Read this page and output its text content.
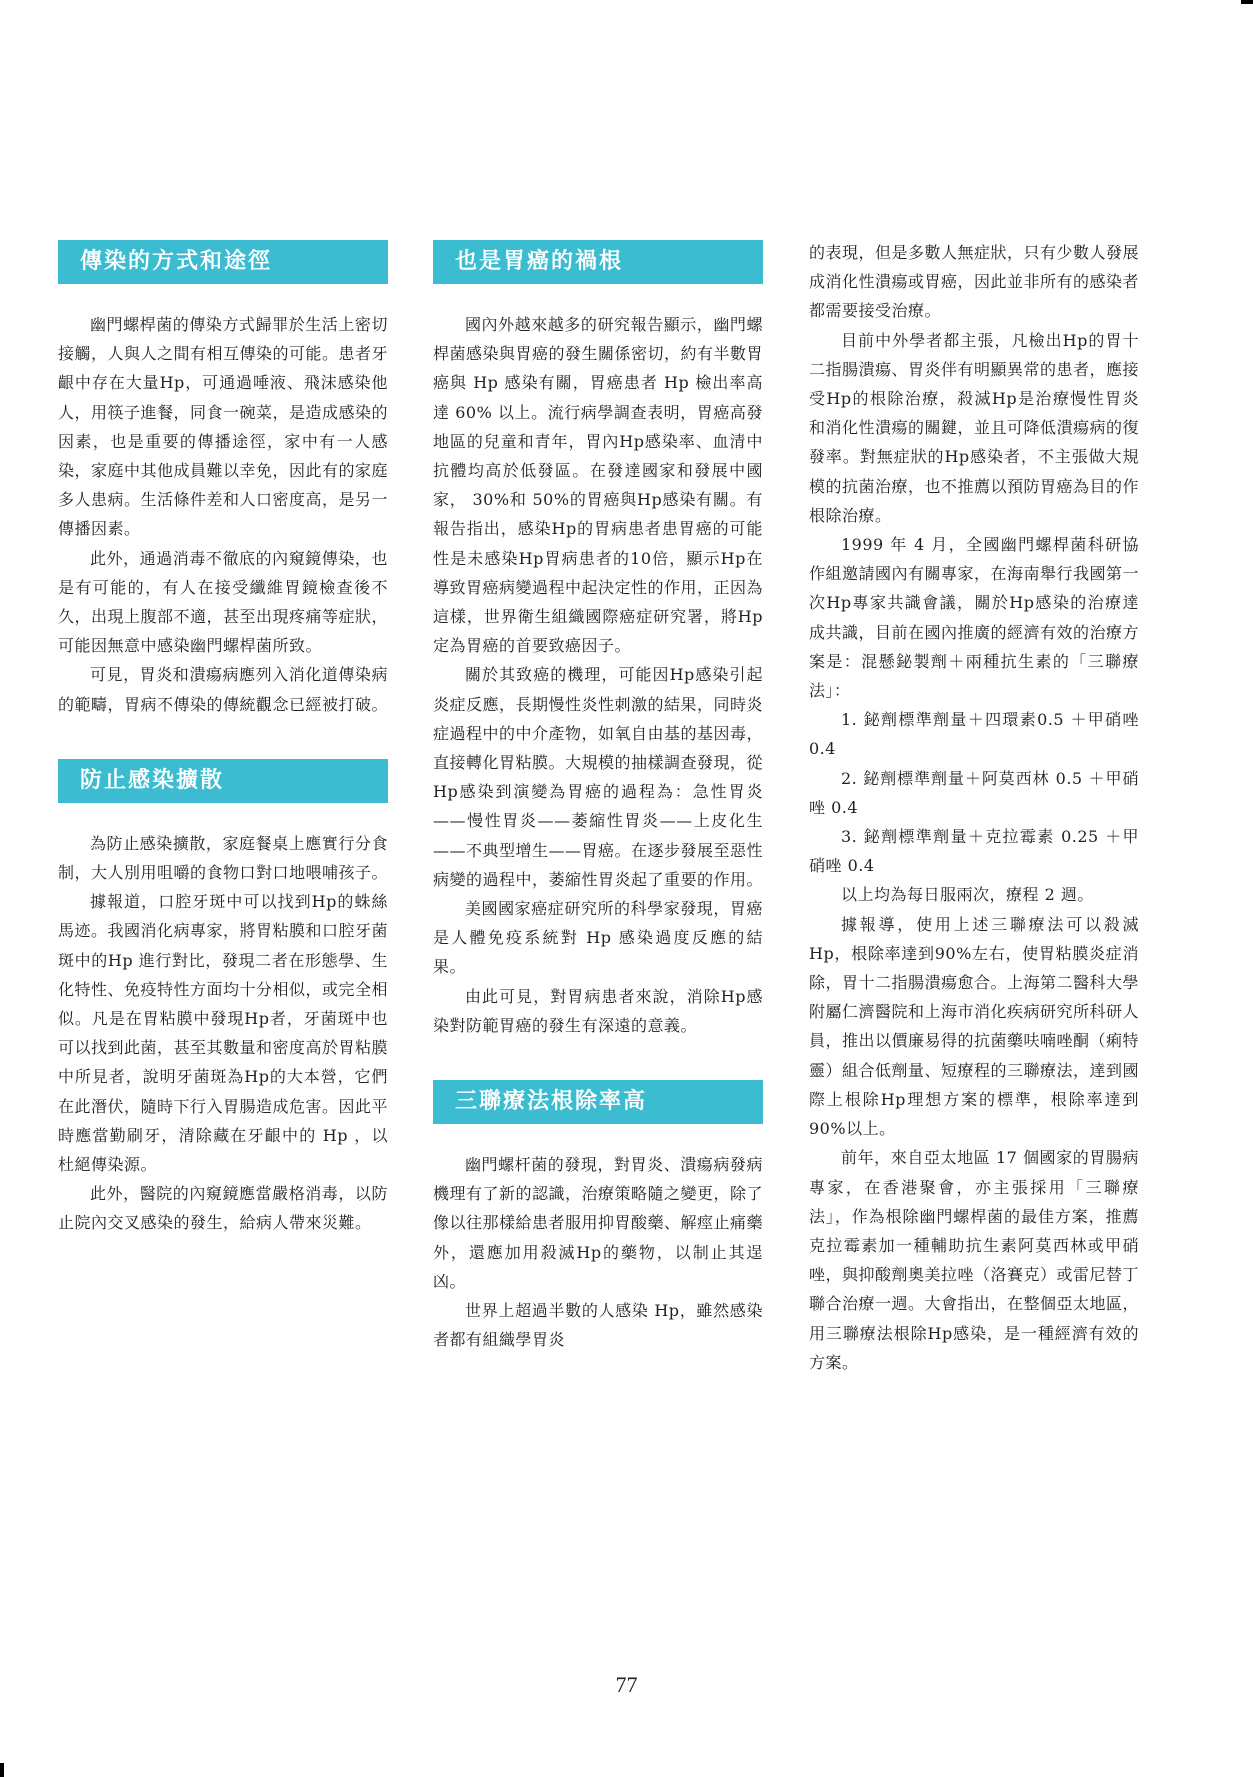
傳染的方式和途徑

幽門螺桿菌的傳染方式歸罪於生活上密切接觸，人與人之間有相互傳染的可能。患者牙齦中存在大量Hp，可通過唾液、飛沫感染他人，用筷子進餐，同食一碗菜，是造成感染的因素，也是重要的傳播途徑，家中有一人感染，家庭中其他成員難以幸免，因此有的家庭多人患病。生活條件差和人口密度高，是另一傳播因素。

此外，通過消毒不徹底的內窺鏡傳染，也是有可能的，有人在接受纖維胃鏡檢查後不久，出現上腹部不適，甚至出現疼痛等症狀，可能因無意中感染幽門螺桿菌所致。

可見，胃炎和潰瘍病應列入消化道傳染病的範疇，胃病不傳染的傳統觀念已經被打破。

防止感染擴散

為防止感染擴散，家庭餐桌上應實行分食制，大人別用咀嚼的食物口對口地喂哺孩子。

據報道，口腔牙斑中可以找到Hp的蛛絲馬迹。我國消化病專家，將胃粘膜和口腔牙菌斑中的Hp 進行對比，發現二者在形態學、生化特性、免疫特性方面均十分相似，或完全相似。凡是在胃粘膜中發現Hp者，牙菌斑中也可以找到此菌，甚至其數量和密度高於胃粘膜中所見者，說明牙菌斑為Hp的大本營，它們在此潛伏，隨時下行入胃腸造成危害。因此平時應當勤刷牙，清除藏在牙齦中的 Hp ，以杜絕傳染源。

此外，醫院的內窺鏡應當嚴格消毒，以防止院內交叉感染的發生，給病人帶來災難。

也是胃癌的禍根

國內外越來越多的研究報告顯示，幽門螺桿菌感染與胃癌的發生關係密切，約有半數胃癌與 Hp 感染有關，胃癌患者 Hp 檢出率高達 60% 以上。流行病學調查表明，胃癌高發地區的兒童和青年，胃內Hp感染率、血清中抗體均高於低發區。在發達國家和發展中國家， 30%和 50%的胃癌與Hp感染有關。有報告指出，感染Hp的胃病患者患胃癌的可能性是未感染Hp胃病患者的10倍，顯示Hp在導致胃癌病變過程中起決定性的作用，正因為這樣，世界衛生組織國際癌症研究署，將Hp定為胃癌的首要致癌因子。

關於其致癌的機理，可能因Hp感染引起炎症反應，長期慢性炎性刺激的結果，同時炎症過程中的中介產物，如氧自由基的基因毒，直接轉化胃粘膜。大規模的抽樣調查發現，從Hp感染到演變為胃癌的過程為：急性胃炎——慢性胃炎——萎縮性胃炎——上皮化生——不典型增生——胃癌。在逐步發展至惡性病變的過程中，萎縮性胃炎起了重要的作用。

美國國家癌症研究所的科學家發現，胃癌是人體免疫系統對 Hp 感染過度反應的結果。

由此可見，對胃病患者來說，消除Hp感染對防範胃癌的發生有深遠的意義。

三聯療法根除率高

幽門螺杆菌的發現，對胃炎、潰瘍病發病機理有了新的認識，治療策略隨之變更，除了像以往那樣給患者服用抑胃酸藥、解痙止痛藥外，還應加用殺滅Hp的藥物，以制止其逞凶。

世界上超過半數的人感染 Hp，雖然感染者都有組織學胃炎

的表現，但是多數人無症狀，只有少數人發展成消化性潰瘍或胃癌，因此並非所有的感染者都需要接受治療。

目前中外學者都主張，凡檢出Hp的胃十二指腸潰瘍、胃炎伴有明顯異常的患者，應接受Hp的根除治療，殺滅Hp是治療慢性胃炎和消化性潰瘍的關鍵，並且可降低潰瘍病的復發率。對無症狀的Hp感染者，不主張做大規模的抗菌治療，也不推薦以預防胃癌為目的作根除治療。

1999 年 4 月，全國幽門螺桿菌科研協作組邀請國內有關專家，在海南舉行我國第一次Hp專家共識會議，關於Hp感染的治療達成共識，目前在國內推廣的經濟有效的治療方案是：混懸鉍製劑＋兩種抗生素的「三聯療法」：

1. 鉍劑標準劑量＋四環素0.5 ＋甲硝唑 0.4

2. 鉍劑標準劑量＋阿莫西林 0.5 ＋甲硝唑 0.4

3. 鉍劑標準劑量＋克拉霉素 0.25 ＋甲硝唑 0.4

以上均為每日服兩次，療程 2 週。

據報導，使用上述三聯療法可以殺滅Hp，根除率達到90%左右，使胃粘膜炎症消除，胃十二指腸潰瘍愈合。上海第二醫科大學附屬仁濟醫院和上海市消化疾病研究所科研人員，推出以價廉易得的抗菌藥呋喃唑酮（痢特靈）組合低劑量、短療程的三聯療法，達到國際上根除Hp理想方案的標準，根除率達到 90%以上。

前年，來自亞太地區 17 個國家的胃腸病專家，在香港聚會，亦主張採用「三聯療法」，作為根除幽門螺桿菌的最佳方案，推薦克拉霉素加一種輔助抗生素阿莫西林或甲硝唑，與抑酸劑奧美拉唑（洛賽克）或雷尼替丁聯合治療一週。大會指出，在整個亞太地區，用三聯療法根除Hp感染，是一種經濟有效的方案。

77
